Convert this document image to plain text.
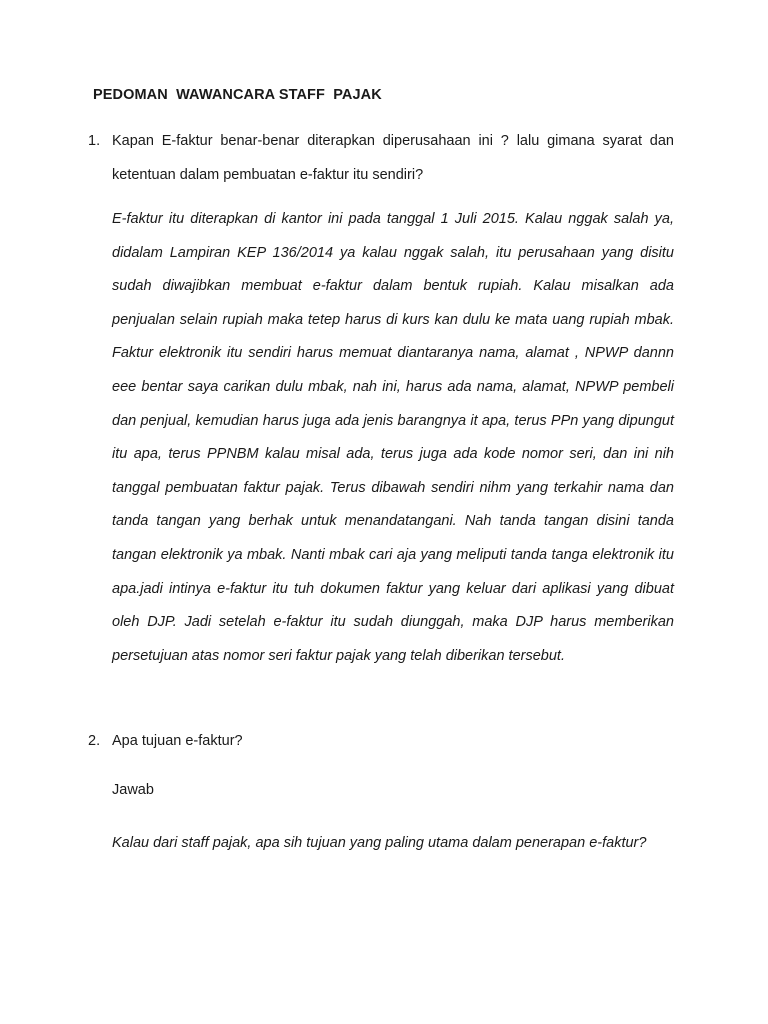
PEDOMAN  WAWANCARA STAFF  PAJAK
1. Kapan E-faktur benar-benar diterapkan diperusahaan ini ? lalu gimana syarat dan ketentuan dalam pembuatan e-faktur itu sendiri?
E-faktur itu diterapkan di kantor ini pada tanggal 1 Juli 2015. Kalau nggak salah ya, didalam Lampiran KEP 136/2014 ya kalau nggak salah, itu perusahaan yang disitu sudah diwajibkan membuat e-faktur dalam bentuk rupiah. Kalau misalkan ada penjualan selain rupiah maka tetep harus di kurs kan dulu ke mata uang rupiah mbak. Faktur elektronik itu sendiri harus memuat diantaranya nama, alamat , NPWP dannn eee bentar saya carikan dulu mbak, nah ini, harus ada nama, alamat, NPWP pembeli dan penjual, kemudian harus juga ada jenis barangnya it apa, terus PPn yang dipungut itu apa, terus PPNBM kalau misal ada, terus juga ada kode nomor seri, dan ini nih tanggal pembuatan faktur pajak. Terus dibawah sendiri nihm yang terkahir nama dan tanda tangan yang berhak untuk menandatangani. Nah tanda tangan disini tanda tangan elektronik ya mbak. Nanti mbak cari aja yang meliputi tanda tanga elektronik itu apa.jadi intinya e-faktur itu tuh dokumen faktur yang keluar dari aplikasi yang dibuat oleh DJP. Jadi setelah e-faktur itu sudah diunggah, maka DJP harus memberikan persetujuan atas nomor seri faktur pajak yang telah diberikan tersebut.
2. Apa tujuan e-faktur?
Jawab
Kalau dari staff pajak, apa sih tujuan yang paling utama dalam penerapan e-faktur?
